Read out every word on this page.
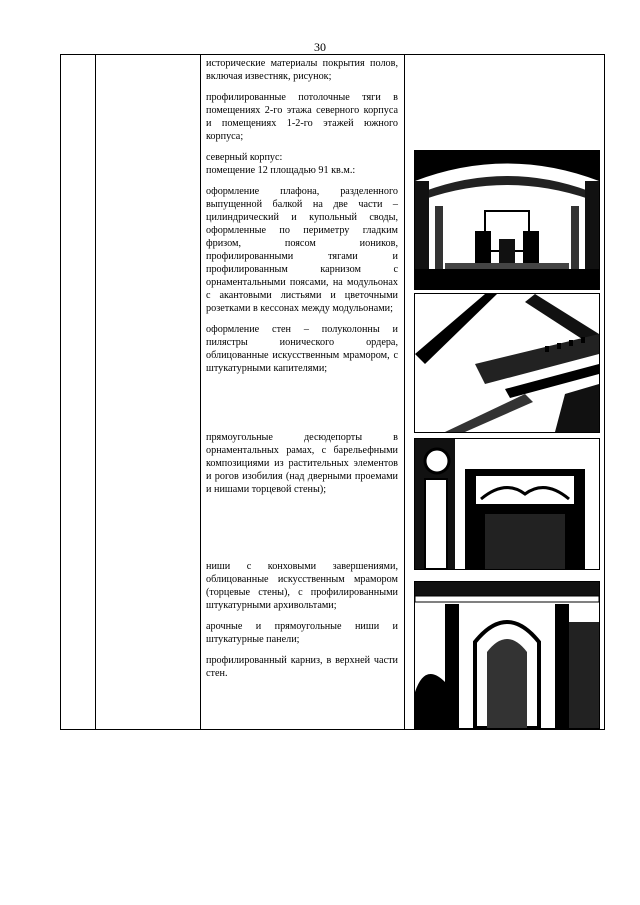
30

исторические материалы покрытия полов, включая известняк, рисунок;

профилированные потолочные тяги в помещениях 2-го этажа северного корпуса и помещениях 1-2-го этажей южного корпуса;

северный корпус:

помещение 12 площадью 91 кв.м.:

оформление плафона, разделенного выпущенной балкой на две части – цилиндрический и купольный своды, оформленные по периметру гладким фризом, поясом иоников, профилированными тягами и профилированным карнизом с орнаментальными поясами, на модульонах с акантовыми листьями и цветочными розетками в кессонах между модульонами;

оформление стен – полуколонны и пилястры ионического ордера, облицованные искусственным мрамором, с штукатурными капителями;

прямоугольные десюдепорты в орнаментальных рамах, с барельефными композициями из растительных элементов и рогов изобилия (над дверными проемами и нишами торцевой стены);

ниши с конховыми завершениями, облицованные искусственным мрамором (торцевые стены), с профилированными штукатурными архивольтами;

арочные и прямоугольные ниши и штукатурные панели;

профилированный карниз, в верхней части стен.
